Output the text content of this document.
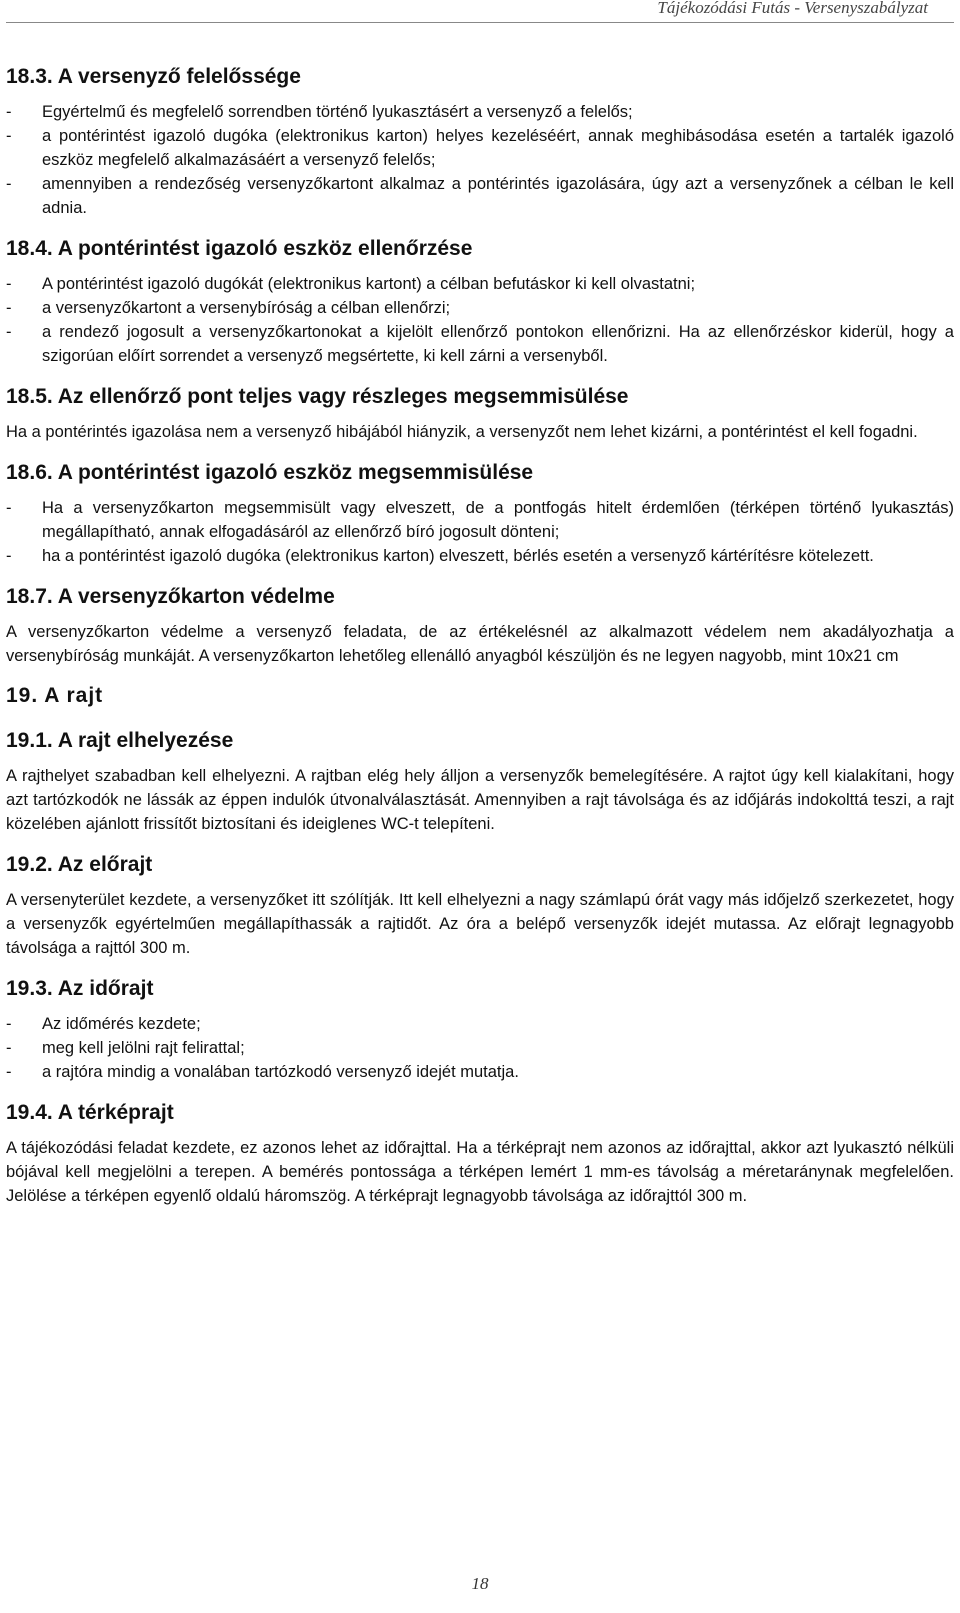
Tájékozódási Futás - Versenyszabályzat
18.3. A versenyző felelőssége
- Egyértelmű és megfelelő sorrendben történő lyukasztásért a versenyző a felelős;
- a pontérintést igazoló dugóka (elektronikus karton) helyes kezeléséért, annak meghibásodása esetén a tartalék igazoló eszköz megfelelő alkalmazásáért a versenyző felelős;
- amennyiben a rendezőség versenyzőkartont alkalmaz a pontérintés igazolására, úgy azt a versenyzőnek a célban le kell adnia.
18.4. A pontérintést igazoló eszköz ellenőrzése
- A pontérintést igazoló dugókát (elektronikus kartont) a célban befutáskor ki kell olvastatni;
- a versenyzőkartont a versenybíróság a célban ellenőrzi;
- a rendező jogosult a versenyzőkartonokat a kijelölt ellenőrző pontokon ellenőrizni. Ha az ellenőrzéskor kiderül, hogy a szigorúan előírt sorrendet a versenyző megsértette, ki kell zárni a versenyből.
18.5. Az ellenőrző pont teljes vagy részleges megsemmisülése

Ha a pontérintés igazolása nem a versenyző hibájából hiányzik, a versenyzőt nem lehet kizárni, a pontérintést el kell fogadni.

18.6. A pontérintést igazoló eszköz megsemmisülése
- Ha a versenyzőkarton megsemmisült vagy elveszett, de a pontfogás hitelt érdemlően (térképen történő lyukasztás) megállapítható, annak elfogadásáról az ellenőrző bíró jogosult dönteni;
- ha a pontérintést igazoló dugóka (elektronikus karton) elveszett, bérlés esetén a versenyző kártérítésre kötelezett.
18.7. A versenyzőkarton védelme

A versenyzőkarton védelme a versenyző feladata, de az értékelésnél az alkalmazott védelem nem akadályozhatja a versenybíróság munkáját. A versenyzőkarton lehetőleg ellenálló anyagból készüljön és ne legyen nagyobb, mint 10x21 cm

19. A rajt
19.1. A rajt elhelyezése

A rajthelyet szabadban kell elhelyezni. A rajtban elég hely álljon a versenyzők bemelegítésére. A rajtot úgy kell kialakítani, hogy azt tartózkodók ne lássák az éppen indulók útvonalválasztását. Amennyiben a rajt távolsága és az időjárás indokolttá teszi, a rajt közelében ajánlott frissítőt biztosítani és ideiglenes WC-t telepíteni.

19.2. Az előrajt

A versenyterület kezdete, a versenyzőket itt szólítják. Itt kell elhelyezni a nagy számlapú órát vagy más időjelző szerkezetet, hogy a versenyzők egyértelműen megállapíthassák a rajtidőt. Az óra a belépő versenyzők idejét mutassa. Az előrajt legnagyobb távolsága a rajttól 300 m.

19.3. Az időrajt
- Az időmérés kezdete;
- meg kell jelölni rajt felirattal;
- a rajtóra mindig a vonalában tartózkodó versenyző idejét mutatja.
19.4. A térképrajt

A tájékozódási feladat kezdete, ez azonos lehet az időrajttal. Ha a térképrajt nem azonos az időrajttal, akkor azt lyukasztó nélküli bójával kell megjelölni a terepen. A bemérés pontossága a térképen lemért 1 mm-es távolság a méretaránynak megfelelően. Jelölése a térképen egyenlő oldalú háromszög. A térképrajt legnagyobb távolsága az időrajttól 300 m.

18
